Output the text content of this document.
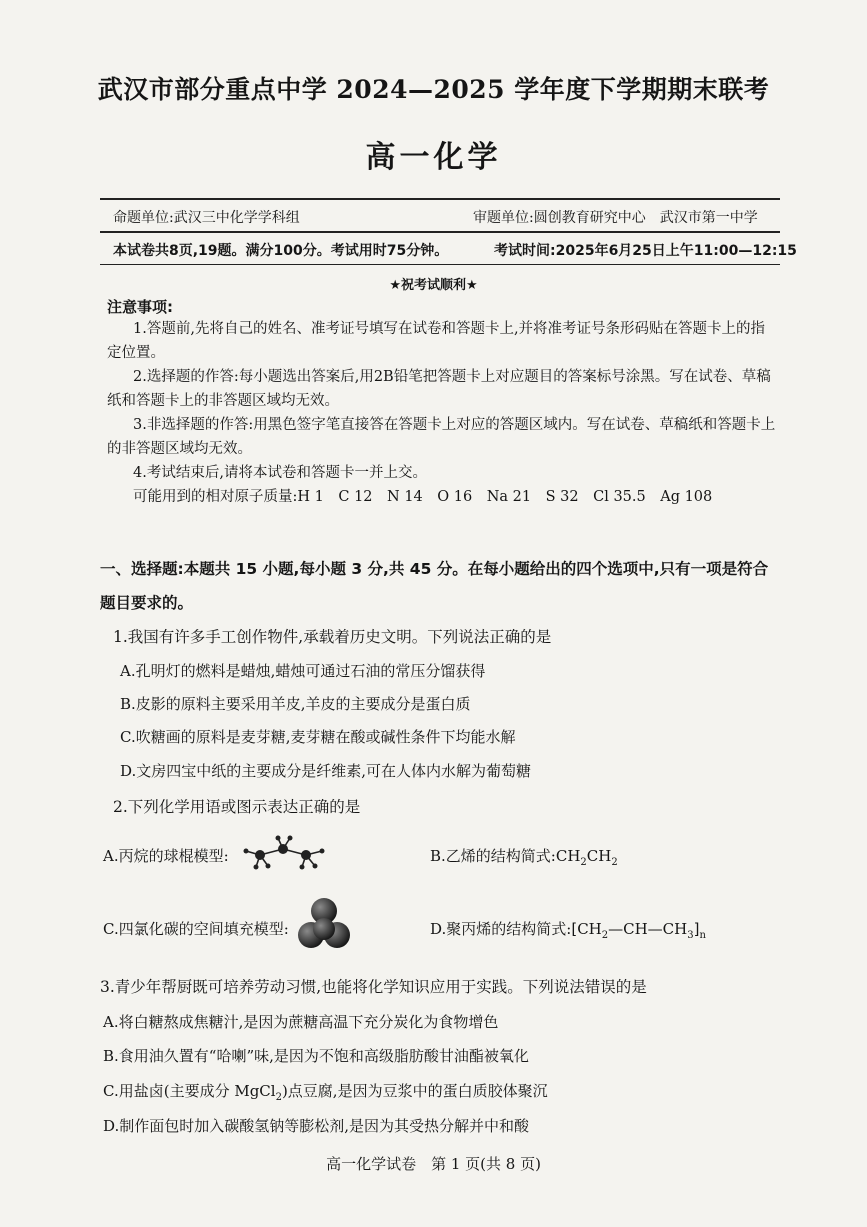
武汉市部分重点中学 2024—2025 学年度下学期期末联考
高一化学
命题单位:武汉三中化学学科组	审题单位:圆创教育研究中心　武汉市第一中学
本试卷共8页,19题。满分100分。考试用时75分钟。	考试时间:2025年6月25日上午11:00—12:15
★祝考试顺利★
注意事项:
1.答题前,先将自己的姓名、准考证号填写在试卷和答题卡上,并将准考证号条形码贴在答题卡上的指定位置。
2.选择题的作答:每小题选出答案后,用2B铅笔把答题卡上对应题目的答案标号涂黑。写在试卷、草稿纸和答题卡上的非答题区域均无效。
3.非选择题的作答:用黑色签字笔直接答在答题卡上对应的答题区域内。写在试卷、草稿纸和答题卡上的非答题区域均无效。
4.考试结束后,请将本试卷和答题卡一并上交。
可能用到的相对原子质量:H 1　C 12　N 14　O 16　Na 21　S 32　Cl 35.5　Ag 108
一、选择题:本题共 15 小题,每小题 3 分,共 45 分。在每小题给出的四个选项中,只有一项是符合题目要求的。
1.我国有许多手工创作物件,承载着历史文明。下列说法正确的是
A.孔明灯的燃料是蜡烛,蜡烛可通过石油的常压分馏获得
B.皮影的原料主要采用羊皮,羊皮的主要成分是蛋白质
C.吹糖画的原料是麦芽糖,麦芽糖在酸或碱性条件下均能水解
D.文房四宝中纸的主要成分是纤维素,可在人体内水解为葡萄糖
2.下列化学用语或图示表达正确的是
A.丙烷的球棍模型:	B.乙烯的结构简式$:CH_2CH_2$
C.四氯化碳的空间填充模型:	D.聚丙烯的结构简式$:[CH_2—CH—CH_3]_n$
3.青少年帮厨既可培养劳动习惯,也能将化学知识应用于实践。下列说法错误的是
A.将白糖熬成焦糖汁,是因为蔗糖高温下充分炭化为食物增色
B.食用油久置有“哈喇”味,是因为不饱和高级脂肪酸甘油酯被氧化
C.用盐卤(主要成分 MgCl$_2$)点豆腐,是因为豆浆中的蛋白质胶体聚沉
D.制作面包时加入碳酸氢钠等膨松剂,是因为其受热分解并中和酸
高一化学试卷　第 1 页(共 8 页)
